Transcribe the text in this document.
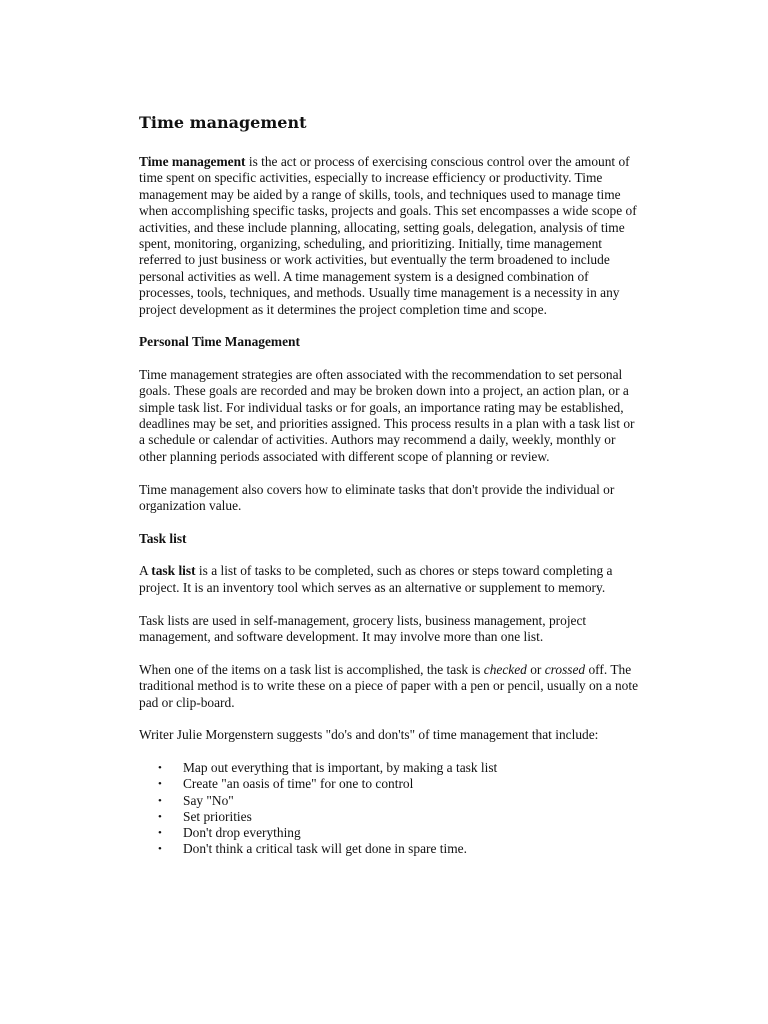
Time management

Time management is the act or process of exercising conscious control over the amount of time spent on specific activities, especially to increase efficiency or productivity. Time management may be aided by a range of skills, tools, and techniques used to manage time when accomplishing specific tasks, projects and goals. This set encompasses a wide scope of activities, and these include planning, allocating, setting goals, delegation, analysis of time spent, monitoring, organizing, scheduling, and prioritizing. Initially, time management referred to just business or work activities, but eventually the term broadened to include personal activities as well. A time management system is a designed combination of processes, tools, techniques, and methods. Usually time management is a necessity in any project development as it determines the project completion time and scope.

Personal Time Management

Time management strategies are often associated with the recommendation to set personal goals. These goals are recorded and may be broken down into a project, an action plan, or a simple task list. For individual tasks or for goals, an importance rating may be established, deadlines may be set, and priorities assigned. This process results in a plan with a task list or a schedule or calendar of activities. Authors may recommend a daily, weekly, monthly or other planning periods associated with different scope of planning or review.

Time management also covers how to eliminate tasks that don't provide the individual or organization value.

Task list

A task list is a list of tasks to be completed, such as chores or steps toward completing a project. It is an inventory tool which serves as an alternative or supplement to memory.

Task lists are used in self-management, grocery lists, business management, project management, and software development. It may involve more than one list.

When one of the items on a task list is accomplished, the task is checked or crossed off. The traditional method is to write these on a piece of paper with a pen or pencil, usually on a note pad or clip-board.

Writer Julie Morgenstern suggests "do's and don'ts" of time management that include:

• Map out everything that is important, by making a task list
• Create "an oasis of time" for one to control
• Say "No"
• Set priorities
• Don't drop everything
• Don't think a critical task will get done in spare time.
